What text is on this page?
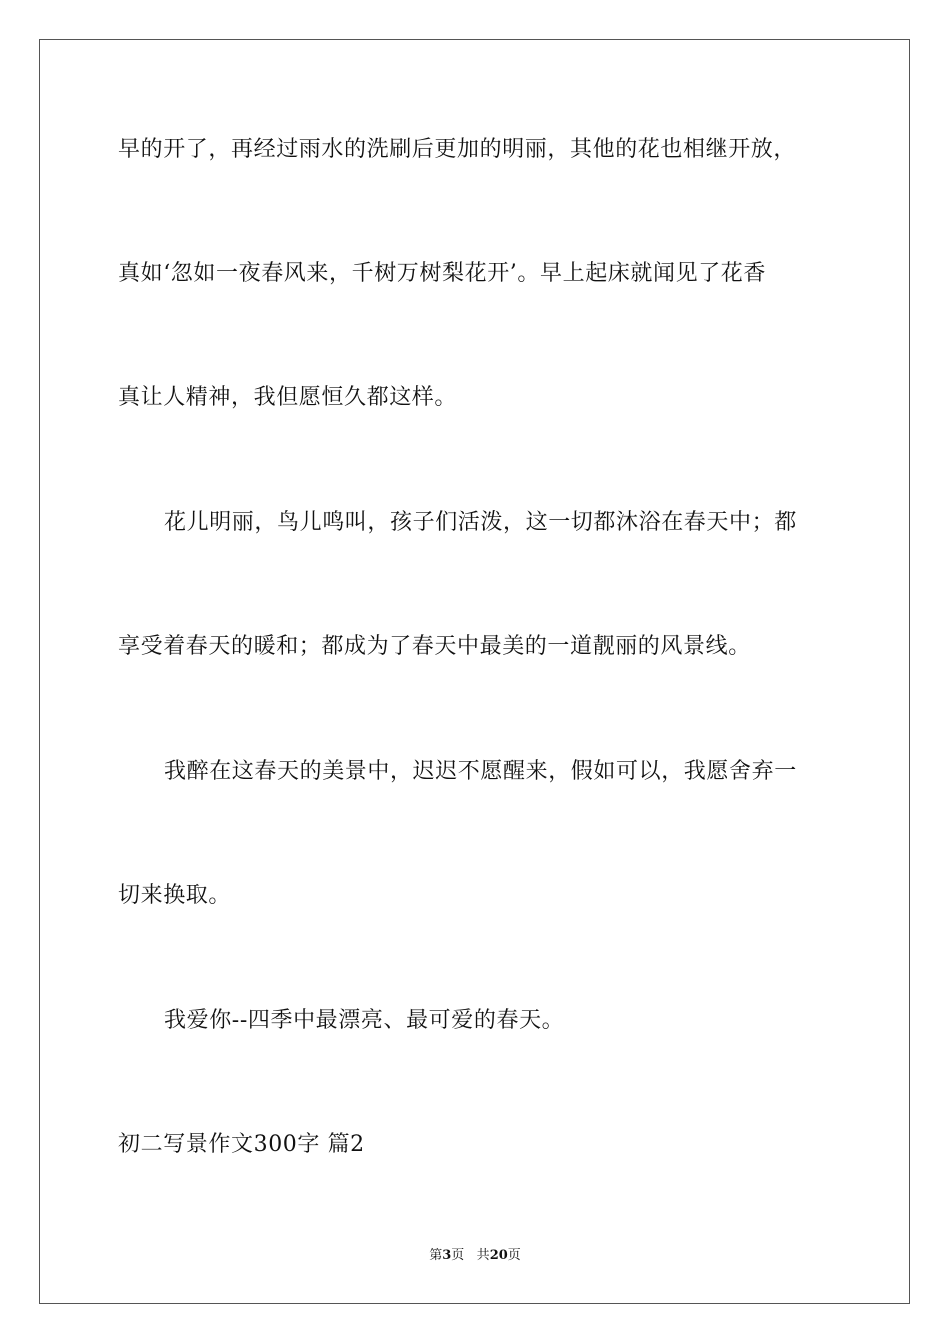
早的开了，再经过雨水的洗刷后更加的明丽，其他的花也相继开放，

真如‘忽如一夜春风来，千树万树梨花开’。早上起床就闻见了花香

真让人精神，我但愿恒久都这样。

花儿明丽，鸟儿鸣叫，孩子们活泼，这一切都沐浴在春天中；都

享受着春天的暖和；都成为了春天中最美的一道靓丽的风景线。

我醉在这春天的美景中，迟迟不愿醒来，假如可以，我愿舍弃一

切来换取。

我爱你--四季中最漂亮、最可爱的春天。

初二写景作文300字 篇2
第3页 共20页
